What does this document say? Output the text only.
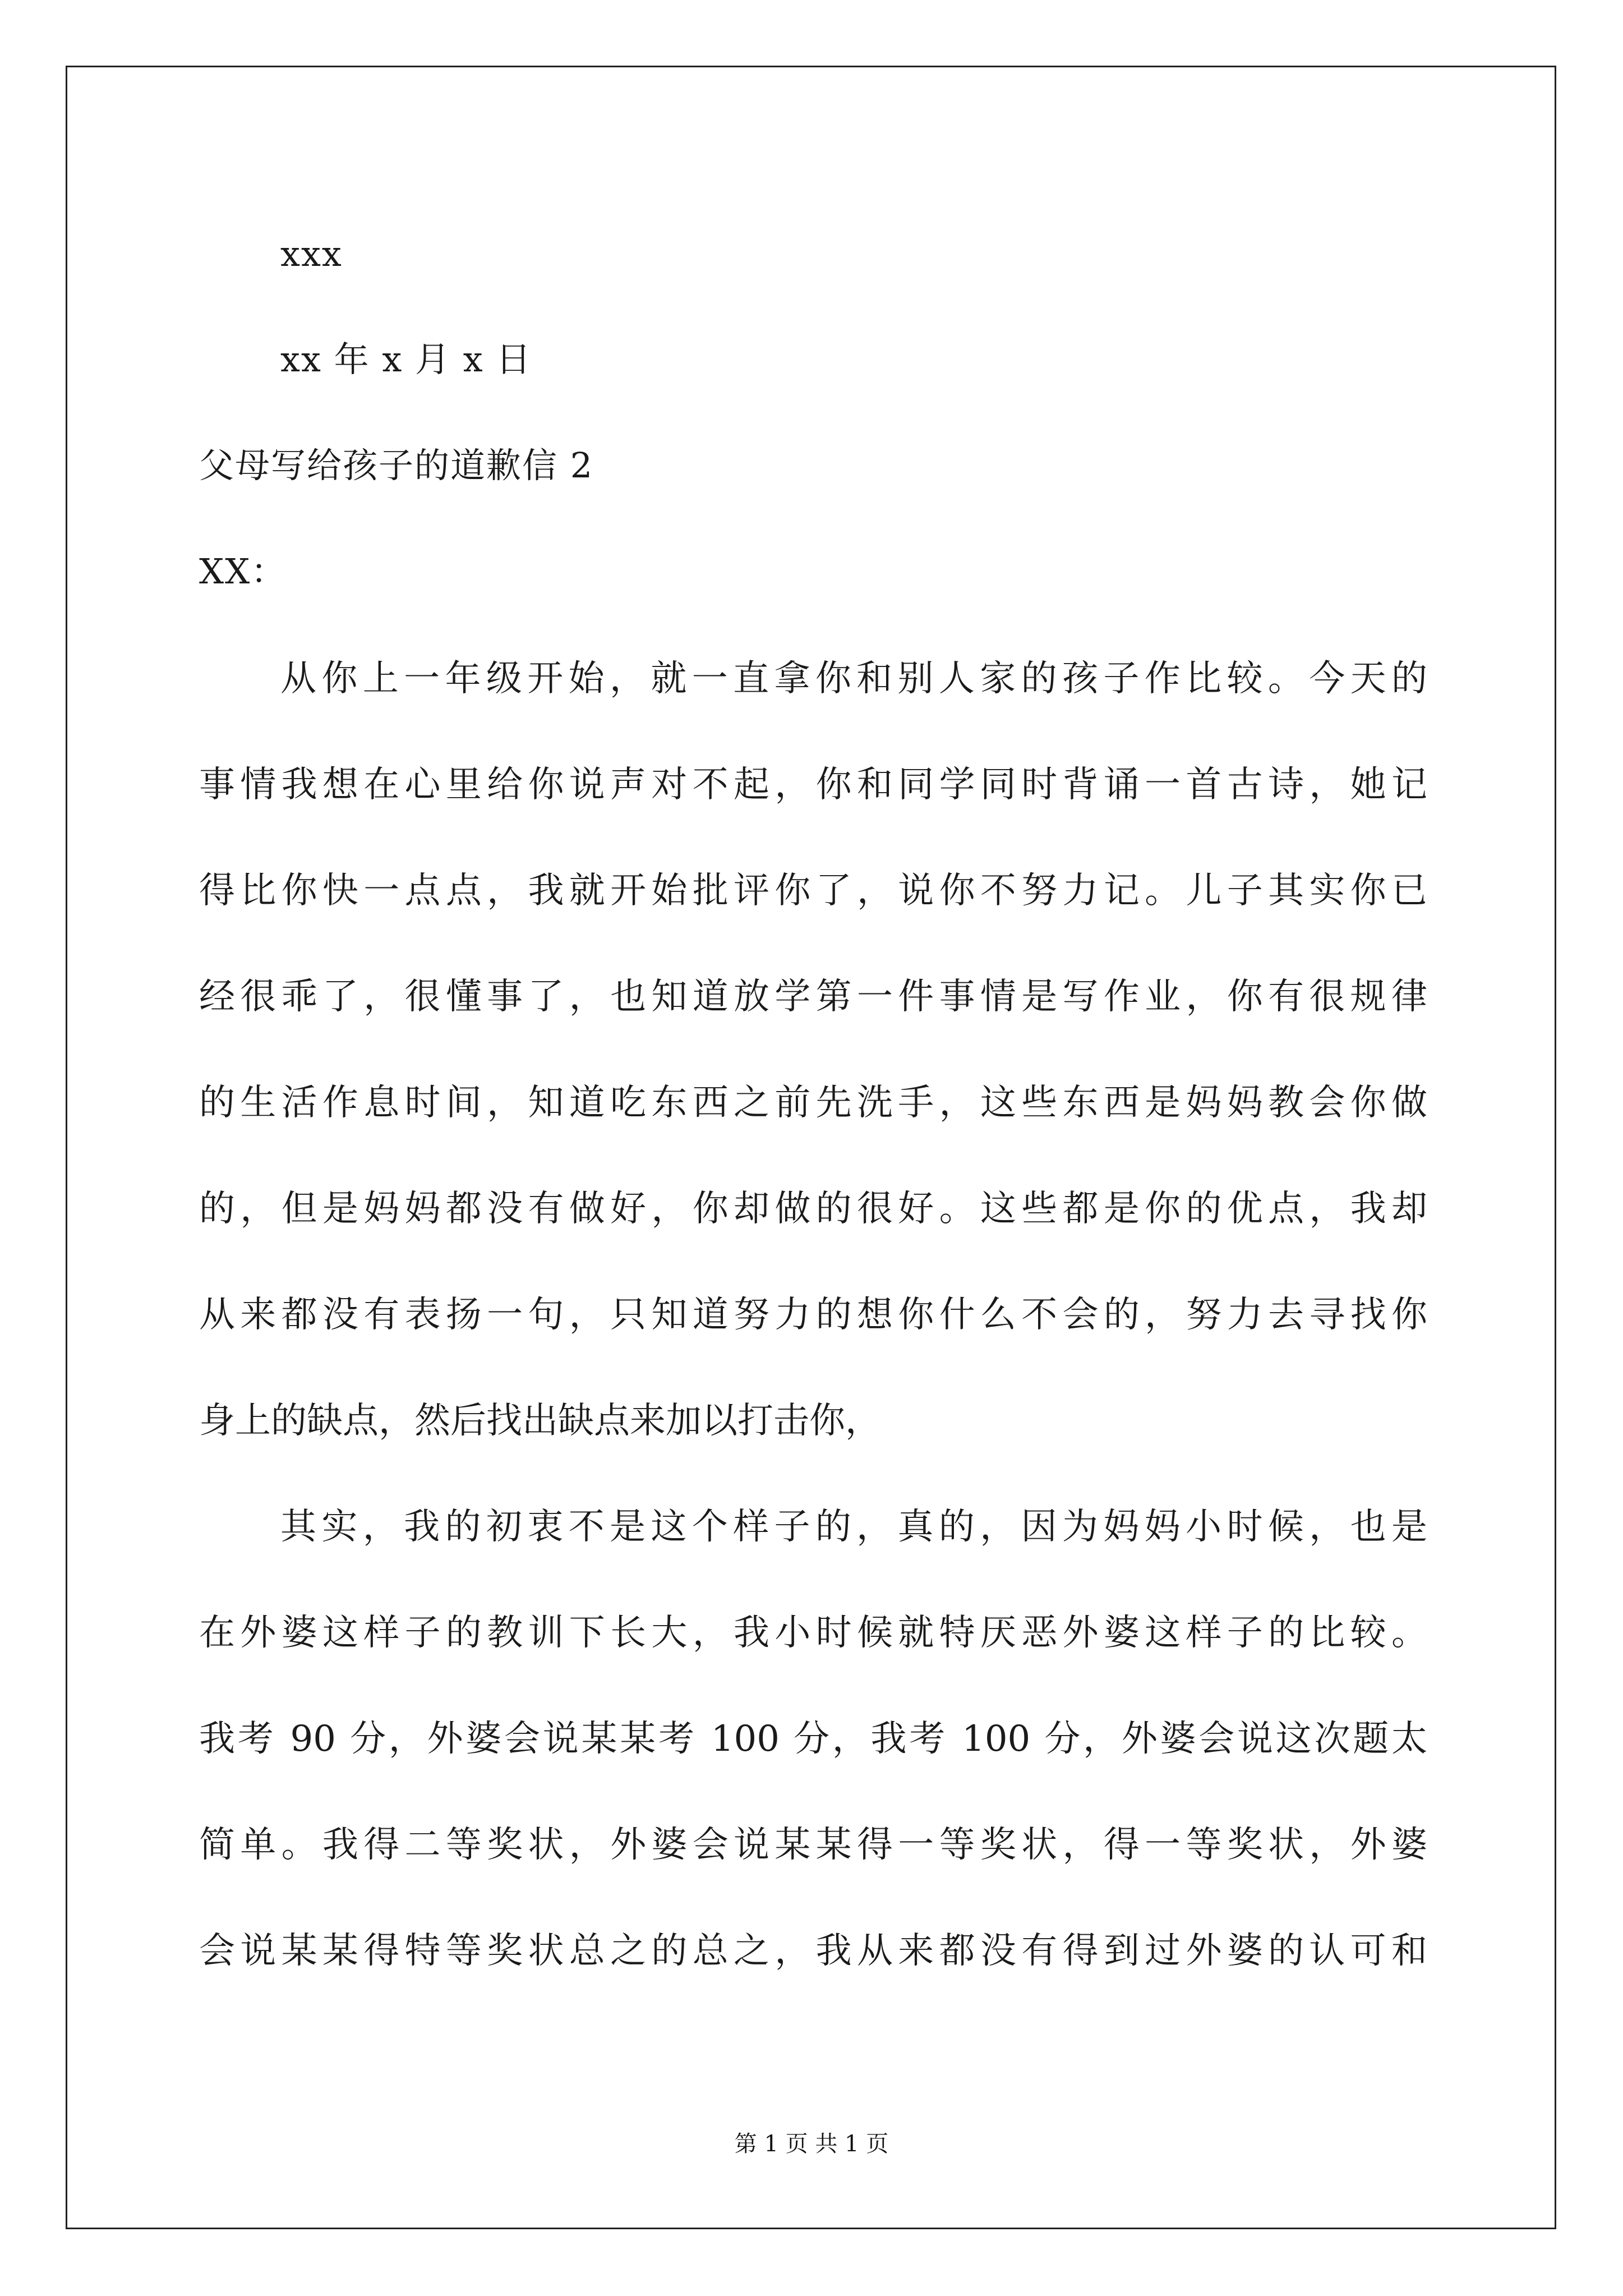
xxx
xx 年 x 月 x 日
父母写给孩子的道歉信 2
XX：
从你上一年级开始，就一直拿你和别人家的孩子作比较。今天的
事情我想在心里给你说声对不起，你和同学同时背诵一首古诗，她记
得比你快一点点，我就开始批评你了，说你不努力记。儿子其实你已
经很乖了，很懂事了，也知道放学第一件事情是写作业，你有很规律
的生活作息时间，知道吃东西之前先洗手，这些东西是妈妈教会你做
的，但是妈妈都没有做好，你却做的很好。这些都是你的优点，我却
从来都没有表扬一句，只知道努力的想你什么不会的，努力去寻找你
身上的缺点，然后找出缺点来加以打击你，
其实，我的初衷不是这个样子的，真的，因为妈妈小时候，也是
在外婆这样子的教训下长大，我小时候就特厌恶外婆这样子的比较。
我考 90 分，外婆会说某某考 100 分，我考 100 分，外婆会说这次题太
简单。我得二等奖状，外婆会说某某得一等奖状，得一等奖状，外婆
会说某某得特等奖状总之的总之，我从来都没有得到过外婆的认可和
第 1 页 共 1 页
